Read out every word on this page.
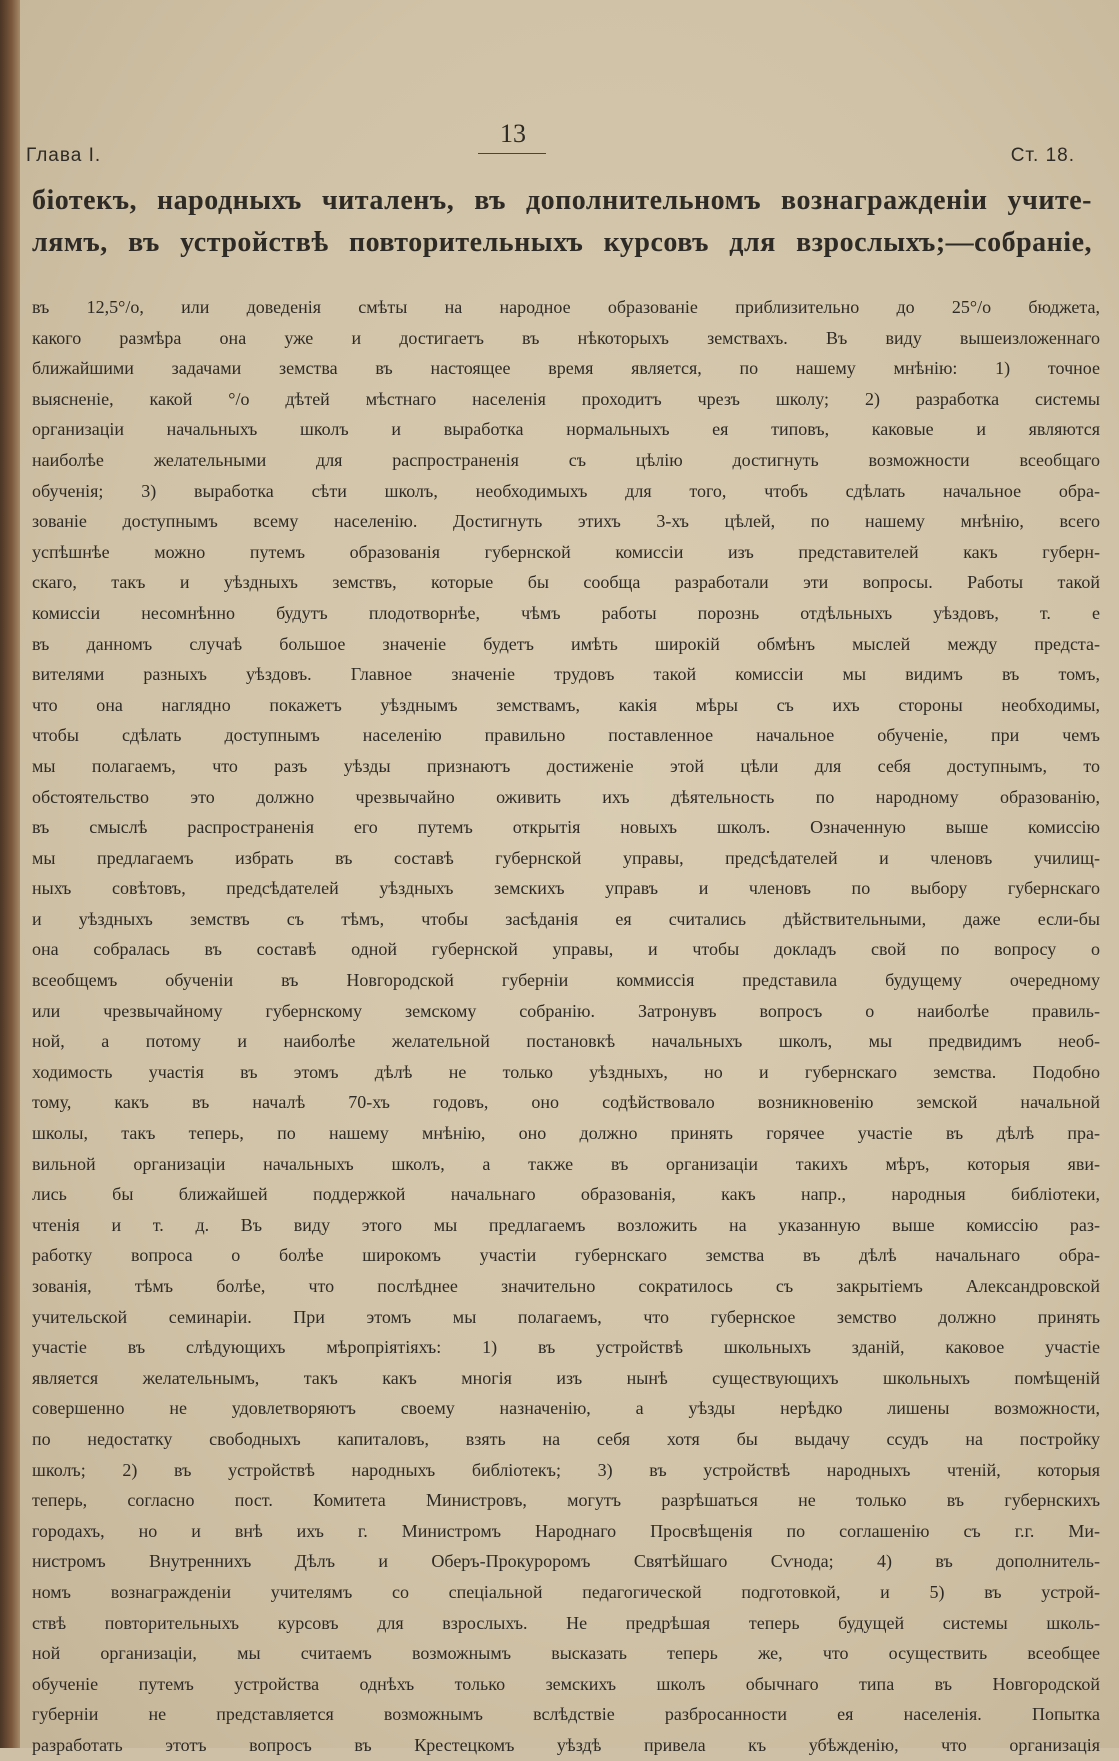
Глава I.
13
Ст. 18.

біотекъ, народныхъ читаленъ, въ дополнительномъ вознагражденіи учите-

лямъ, въ устройствѣ повторительныхъ курсовъ для взрослыхъ;—собраніе,

въ 12,5°/о, или доведенія смѣты на народное образованіе приблизительно до 25°/о бюджета,

какого размѣра она уже и достигаетъ въ нѣкоторыхъ земствахъ. Въ виду вышеизложеннаго

ближайшими задачами земства въ настоящее время является, по нашему мнѣнію: 1) точное

выясненіе, какой °/о дѣтей мѣстнаго населенія проходитъ чрезъ школу; 2) разработка системы

организаціи начальныхъ школъ и выработка нормальныхъ ея типовъ, каковые и являются

наиболѣе желательными для распространенія съ цѣлію достигнуть возможности всеобщаго

обученія; 3) выработка сѣти школъ, необходимыхъ для того, чтобъ сдѣлать начальное обра-

зованіе доступнымъ всему населенію. Достигнуть этихъ 3-хъ цѣлей, по нашему мнѣнію, всего

успѣшнѣе можно путемъ образованія губернской комиссіи изъ представителей какъ губерн-

скаго, такъ и уѣздныхъ земствъ, которые бы сообща разработали эти вопросы. Работы такой

комиссіи несомнѣнно будутъ плодотворнѣе, чѣмъ работы порознь отдѣльныхъ уѣздовъ, т. е

въ данномъ случаѣ большое значеніе будетъ имѣть широкій обмѣнъ мыслей между предста-

вителями разныхъ уѣздовъ. Главное значеніе трудовъ такой комиссіи мы видимъ въ томъ,

что она наглядно покажетъ уѣзднымъ земствамъ, какія мѣры съ ихъ стороны необходимы,

чтобы сдѣлать доступнымъ населенію правильно поставленное начальное обученіе, при чемъ

мы полагаемъ, что разъ уѣзды признаютъ достиженіе этой цѣли для себя доступнымъ, то

обстоятельство это должно чрезвычайно оживить ихъ дѣятельность по народному образованію,

въ смыслѣ распространенія его путемъ открытія новыхъ школъ. Означенную выше комиссію

мы предлагаемъ избрать въ составѣ губернской управы, предсѣдателей и членовъ училищ-

ныхъ совѣтовъ, предсѣдателей уѣздныхъ земскихъ управъ и членовъ по выбору губернскаго

и уѣздныхъ земствъ съ тѣмъ, чтобы засѣданія ея считались дѣйствительными, даже если-бы

она собралась въ составѣ одной губернской управы, и чтобы докладъ свой по вопросу о

всеобщемъ обученіи въ Новгородской губерніи коммиссія представила будущему очередному

или чрезвычайному губернскому земскому собранію. Затронувъ вопросъ о наиболѣе правиль-

ной, а потому и наиболѣе желательной постановкѣ начальныхъ школъ, мы предвидимъ необ-

ходимость участія въ этомъ дѣлѣ не только уѣздныхъ, но и губернскаго земства. Подобно

тому, какъ въ началѣ 70-хъ годовъ, оно содѣйствовало возникновенію земской начальной

школы, такъ теперь, по нашему мнѣнію, оно должно принять горячее участіе въ дѣлѣ пра-

вильной организаціи начальныхъ школъ, а также въ организаціи такихъ мѣръ, которыя яви-

лись бы ближайшей поддержкой начальнаго образованія, какъ напр., народныя библіотеки,

чтенія и т. д. Въ виду этого мы предлагаемъ возложить на указанную выше комиссію раз-

работку вопроса о болѣе широкомъ участіи губернскаго земства въ дѣлѣ начальнаго обра-

зованія, тѣмъ болѣе, что послѣднее значительно сократилось съ закрытіемъ Александровской

учительской семинаріи. При этомъ мы полагаемъ, что губернское земство должно принять

участіе въ слѣдующихъ мѣропріятіяхъ: 1) въ устройствѣ школьныхъ зданій, каковое участіе

является желательнымъ, такъ какъ многія изъ нынѣ существующихъ школьныхъ помѣщеній

совершенно не удовлетворяютъ своему назначенію, а уѣзды нерѣдко лишены возможности,

по недостатку свободныхъ капиталовъ, взять на себя хотя бы выдачу ссудъ на постройку

школъ; 2) въ устройствѣ народныхъ библіотекъ; 3) въ устройствѣ народныхъ чтеній, которыя

теперь, согласно пост. Комитета Министровъ, могутъ разрѣшаться не только въ губернскихъ

городахъ, но и внѣ ихъ г. Министромъ Народнаго Просвѣщенія по соглашенію съ г.г. Ми-

нистромъ Внутреннихъ Дѣлъ и Оберъ-Прокуроромъ Святѣйшаго Сѵнода; 4) въ дополнитель-

номъ вознагражденіи учителямъ со спеціальной педагогической подготовкой, и 5) въ устрой-

ствѣ повторительныхъ курсовъ для взрослыхъ. Не предрѣшая теперь будущей системы школь-

ной организаціи, мы считаемъ возможнымъ высказать теперь же, что осуществить всеобщее

обученіе путемъ устройства однѣхъ только земскихъ школъ обычнаго типа въ Новгородской

губерніи не представляется возможнымъ вслѣдствіе разбросанности ея населенія. Попытка

разработать этотъ вопросъ въ Крестецкомъ уѣздѣ привела къ убѣжденію, что организація
